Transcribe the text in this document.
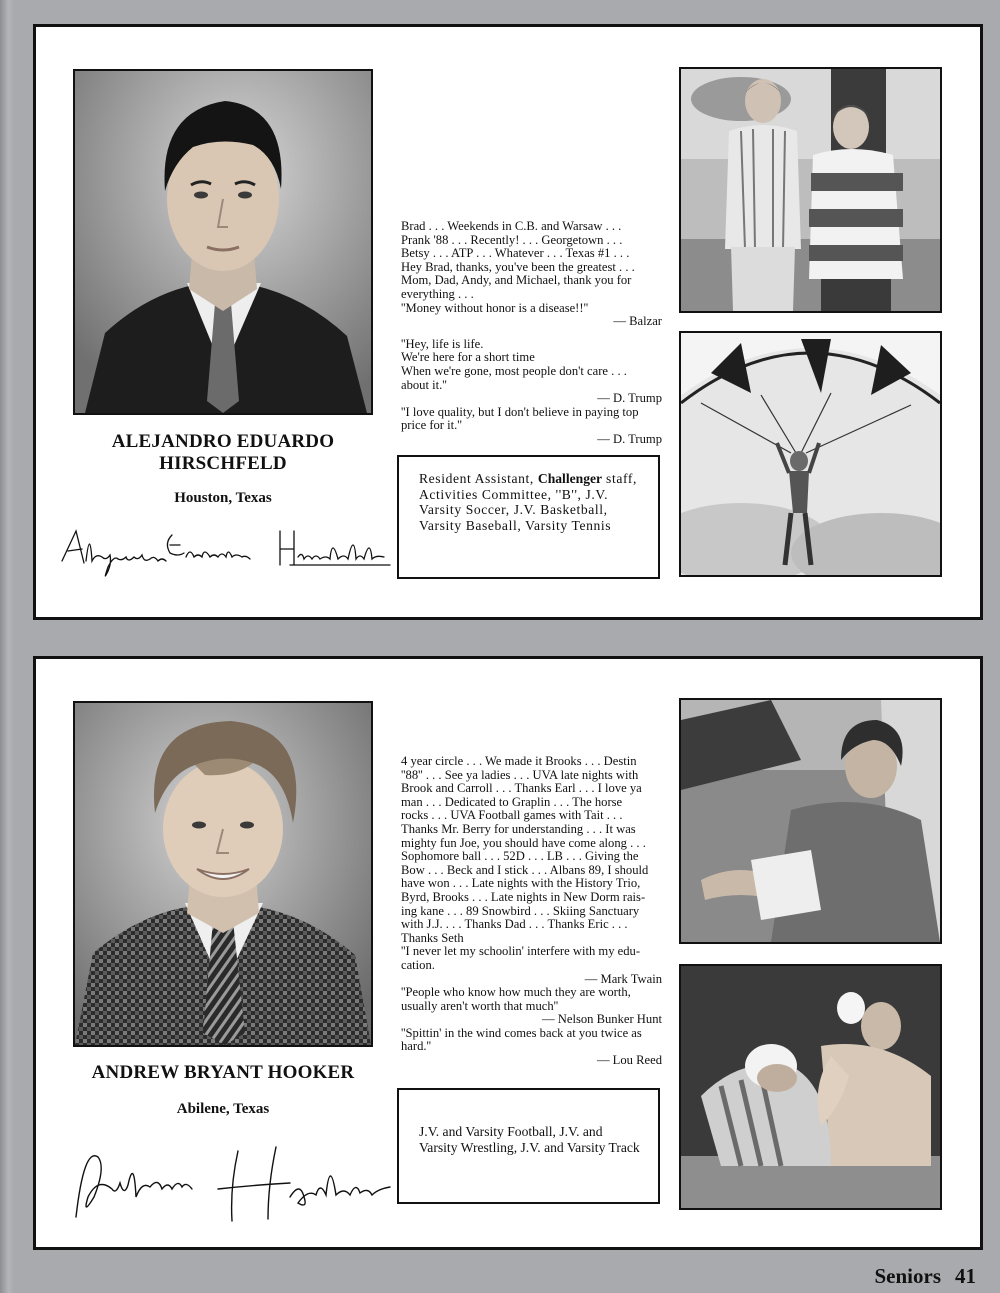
ALEJANDRO EDUARDO
HIRSCHFELD
Houston, Texas

Brad . . . Weekends in C.B. and Warsaw . . .

Prank '88 . . . Recently! . . . Georgetown . . .

Betsy . . . ATP . . . Whatever . . . Texas #1 . . .

Hey Brad, thanks, you've been the greatest . . .

Mom, Dad, Andy, and Michael, thank you for

everything . . .

''Money without honor is a disease!!''

— Balzar

''Hey, life is life.

We're here for a short time

When we're gone, most people don't care . . .

about it.''

— D. Trump

''I love quality, but I don't believe in paying top

price for it.''

— D. Trump

Resident Assistant, Challenger staff, Activities Committee, ''B'', J.V. Varsity Soccer, J.V. Basketball, Varsity Baseball, Varsity Tennis
ANDREW BRYANT HOOKER
Abilene, Texas

4 year circle . . . We made it Brooks . . . Destin

''88'' . . . See ya ladies . . . UVA late nights with

Brook and Carroll . . . Thanks Earl . . . I love ya

man . . . Dedicated to Graplin . . . The horse

rocks . . . UVA Football games with Tait . . .

Thanks Mr. Berry for understanding . . . It was

mighty fun Joe, you should have come along . . .

Sophomore ball . . . 52D . . . LB . . . Giving the

Bow . . . Beck and I stick . . . Albans 89, I should

have won . . . Late nights with the History Trio,

Byrd, Brooks . . . Late nights in New Dorm rais-

ing kane . . . 89 Snowbird . . . Skiing Sanctuary

with J.J. . . . Thanks Dad . . . Thanks Eric . . .

Thanks Seth

''I never let my schoolin' interfere with my edu-

cation.

— Mark Twain

''People who know how much they are worth,

usually aren't worth that much''

— Nelson Bunker Hunt

''Spittin' in the wind comes back at you twice as

hard.''

— Lou Reed

J.V. and Varsity Football, J.V. and Varsity Wrestling, J.V. and Varsity Track
Seniors 41
